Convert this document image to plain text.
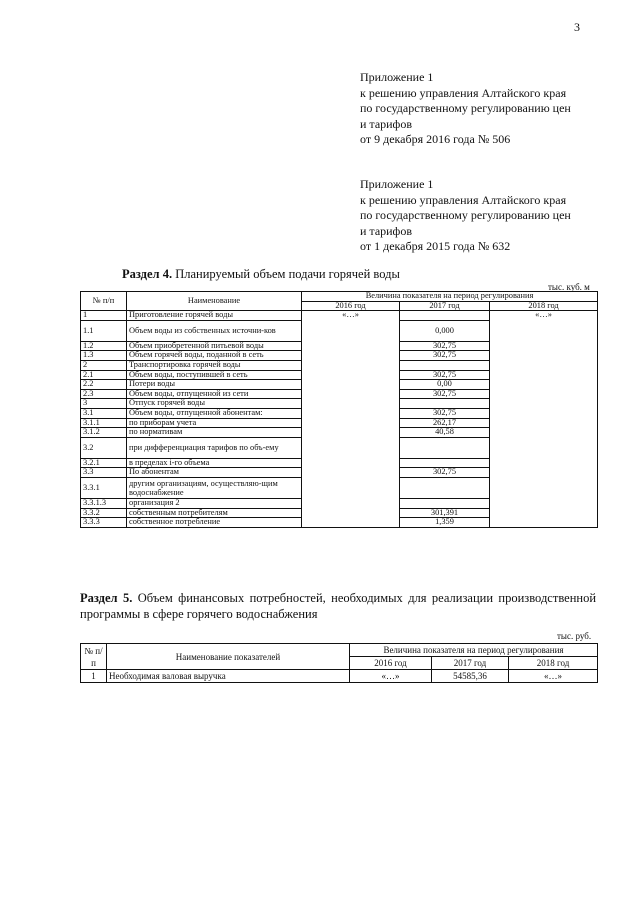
3
Приложение 1
к решению управления Алтайского края
по государственному регулированию цен
и тарифов
от 9 декабря 2016 года № 506
Приложение 1
к решению управления Алтайского края
по государственному регулированию цен
и тарифов
от 1 декабря 2015 года № 632
Раздел 4. Планируемый объем подачи горячей воды
тыс. куб. м
№ п/п	Наименование	Величина показателя на период регулирования		
		2016 год	2017 год	2018 год
1	Приготовление горячей воды	«…»		«…»
1.1	Объем воды из собственных источни-ков		0,000	
1.2	Объем приобретенной питьевой воды		302,75	
1.3	Объем горячей воды, поданной в сеть		302,75	
2	Транспортировка горячей воды			
2.1	Объем воды, поступившей в сеть		302,75	
2.2	Потери воды		0,00	
2.3	Объем воды, отпущенной из сети		302,75	
3	Отпуск горячей воды			
3.1	Объем воды, отпущенной абонентам:		302,75	
3.1.1	по приборам учета		262,17	
3.1.2	по нормативам		40,58	
3.2	при дифференциация тарифов по объ-ему			
3.2.1	в пределах i-го объема			
3.3	По абонентам		302,75	
3.3.1	другим организациям, осуществляю-щим водоснабжение			
3.3.1.3	организация 2			
3.3.2	собственным потребителям		301,391	
3.3.3	собственное потребление		1,359	
Раздел 5. Объем финансовых потребностей, необходимых для реализации производственной программы в сфере горячего водоснабжения
тыс. руб.
№ п/п	Наименование показателей	Величина показателя на период регулирования		
		2016 год	2017 год	2018 год
1	Необходимая валовая выручка	«…»	54585,36	«…»
